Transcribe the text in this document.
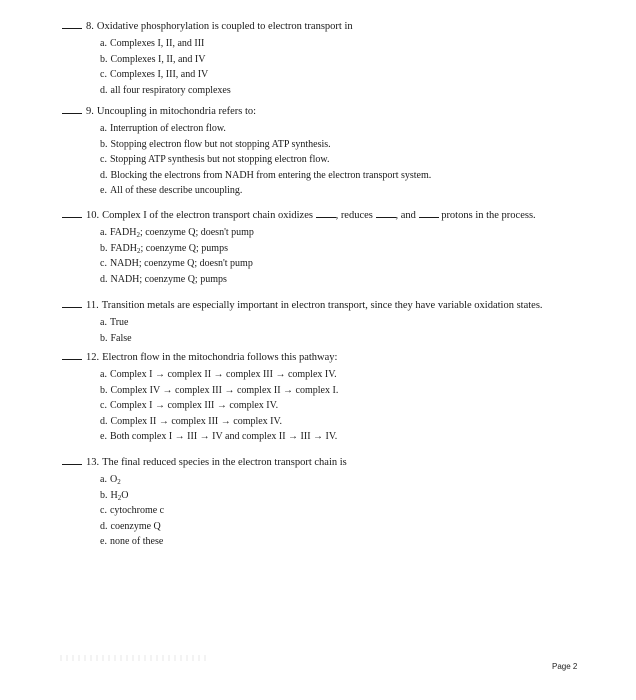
8. Oxidative phosphorylation is coupled to electron transport in
a. Complexes I, II, and III
b. Complexes I, II, and IV
c. Complexes I, III, and IV
d. all four respiratory complexes
9. Uncoupling in mitochondria refers to:
a. Interruption of electron flow.
b. Stopping electron flow but not stopping ATP synthesis.
c. Stopping ATP synthesis but not stopping electron flow.
d. Blocking the electrons from NADH from entering the electron transport system.
e. All of these describe uncoupling.
10. Complex I of the electron transport chain oxidizes , reduces , and protons in the process.
a. $FADH_2$; coenzyme Q; doesn't pump
b. $FADH_2$; coenzyme Q; pumps
c. NADH; coenzyme Q; doesn't pump
d. NADH; coenzyme Q; pumps
11. Transition metals are especially important in electron transport, since they have variable oxidation states.
a. True
b. False
12. Electron flow in the mitochondria follows this pathway:
a. Complex I → complex II → complex III → complex IV.
b. Complex IV → complex III → complex II → complex I.
c. Complex I → complex III → complex IV.
d. Complex II → complex III → complex IV.
e. Both complex I → III → IV and complex II → III → IV.
13. The final reduced species in the electron transport chain is
a. $O_2$
b. $H_2O$
c. cytochrome c
d. coenzyme Q
e. none of these
Page 2
